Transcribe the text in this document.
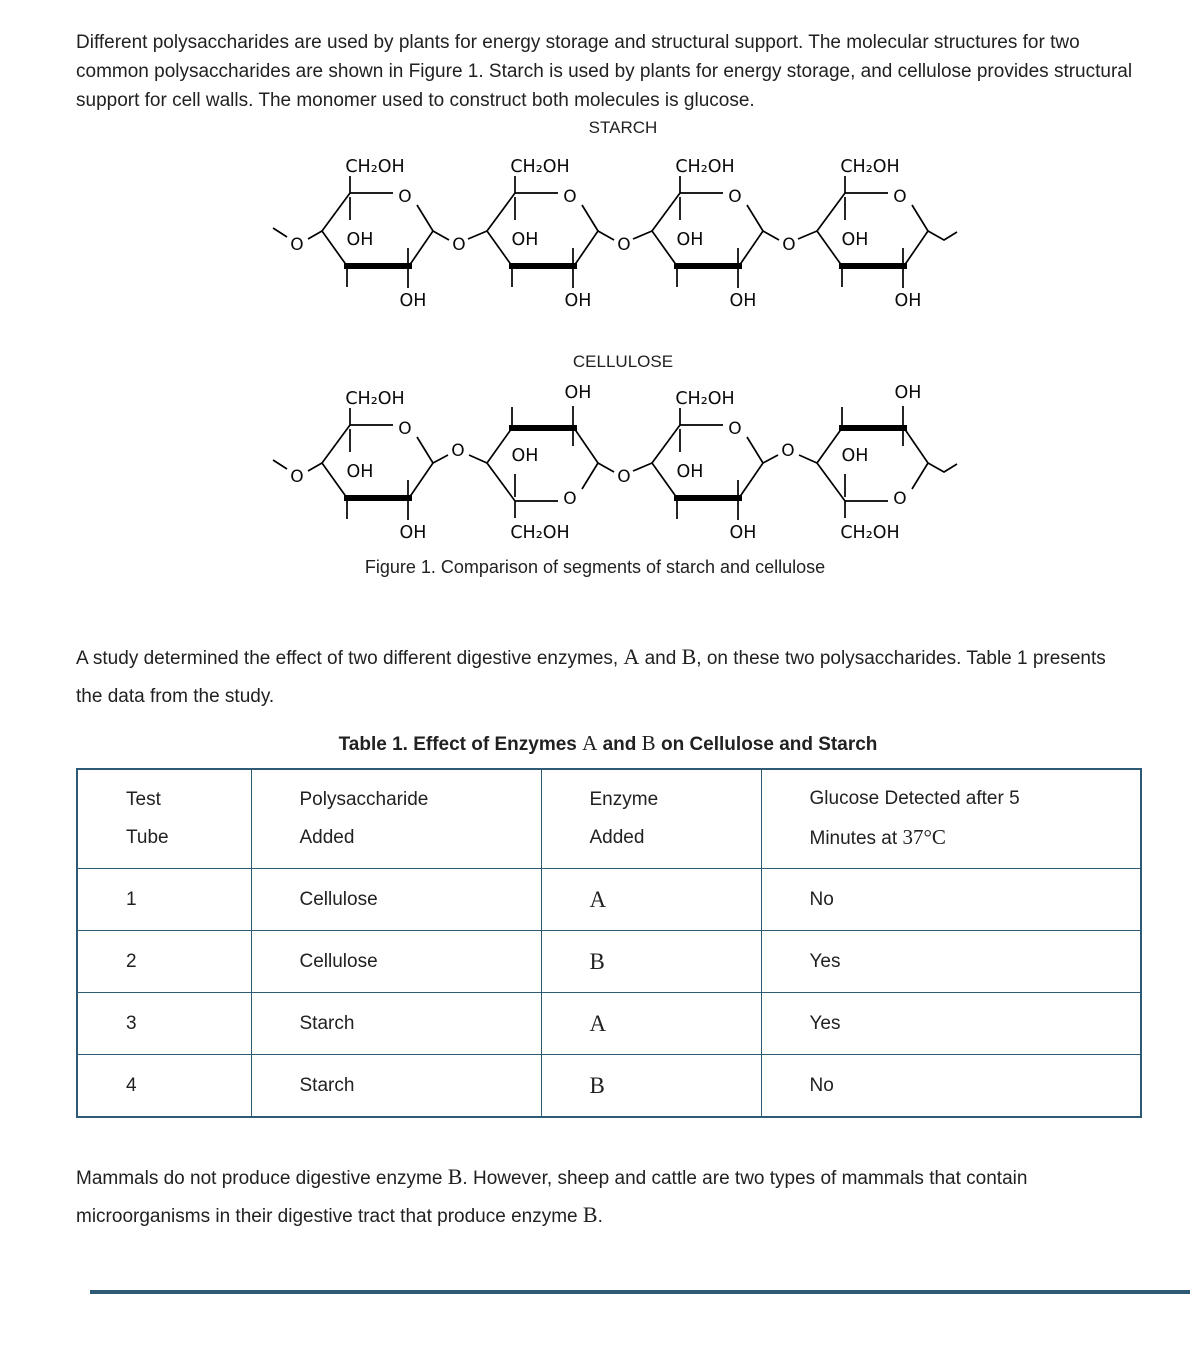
Different polysaccharides are used by plants for energy storage and structural support. The molecular structures for two common polysaccharides are shown in Figure 1. Starch is used by plants for energy storage, and cellulose provides structural support for cell walls. The monomer used to construct both molecules is glucose.

STARCH
CH₂OH
O
OH
OH
CH₂OH
O
OH
OH
CH₂OH
O
OH
OH
CH₂OH
O
OH
OH
O	O	O	O
CELLULOSE
CH₂OH
O
OH
OH	CH₂OH
O
OH
OH	CH₂OH
O
OH
OH	CH₂OH
O
OH
OH
O
O
O
O
Figure 1. Comparison of segments of starch and cellulose

A study determined the effect of two different digestive enzymes, A and B, on these two polysaccharides. Table 1 presents the data from the study.

Table 1. Effect of Enzymes A and B on Cellulose and Starch
Test
Tube

Polysaccharide
Added

Enzyme
Added

Glucose Detected after 5
Minutes at 37°C

1	Cellulose	A	No
2	Cellulose	B	Yes
3	Starch	A	Yes
4	Starch	B	No

Mammals do not produce digestive enzyme B. However, sheep and cattle are two types of mammals that contain microorganisms in their digestive tract that produce enzyme B.
